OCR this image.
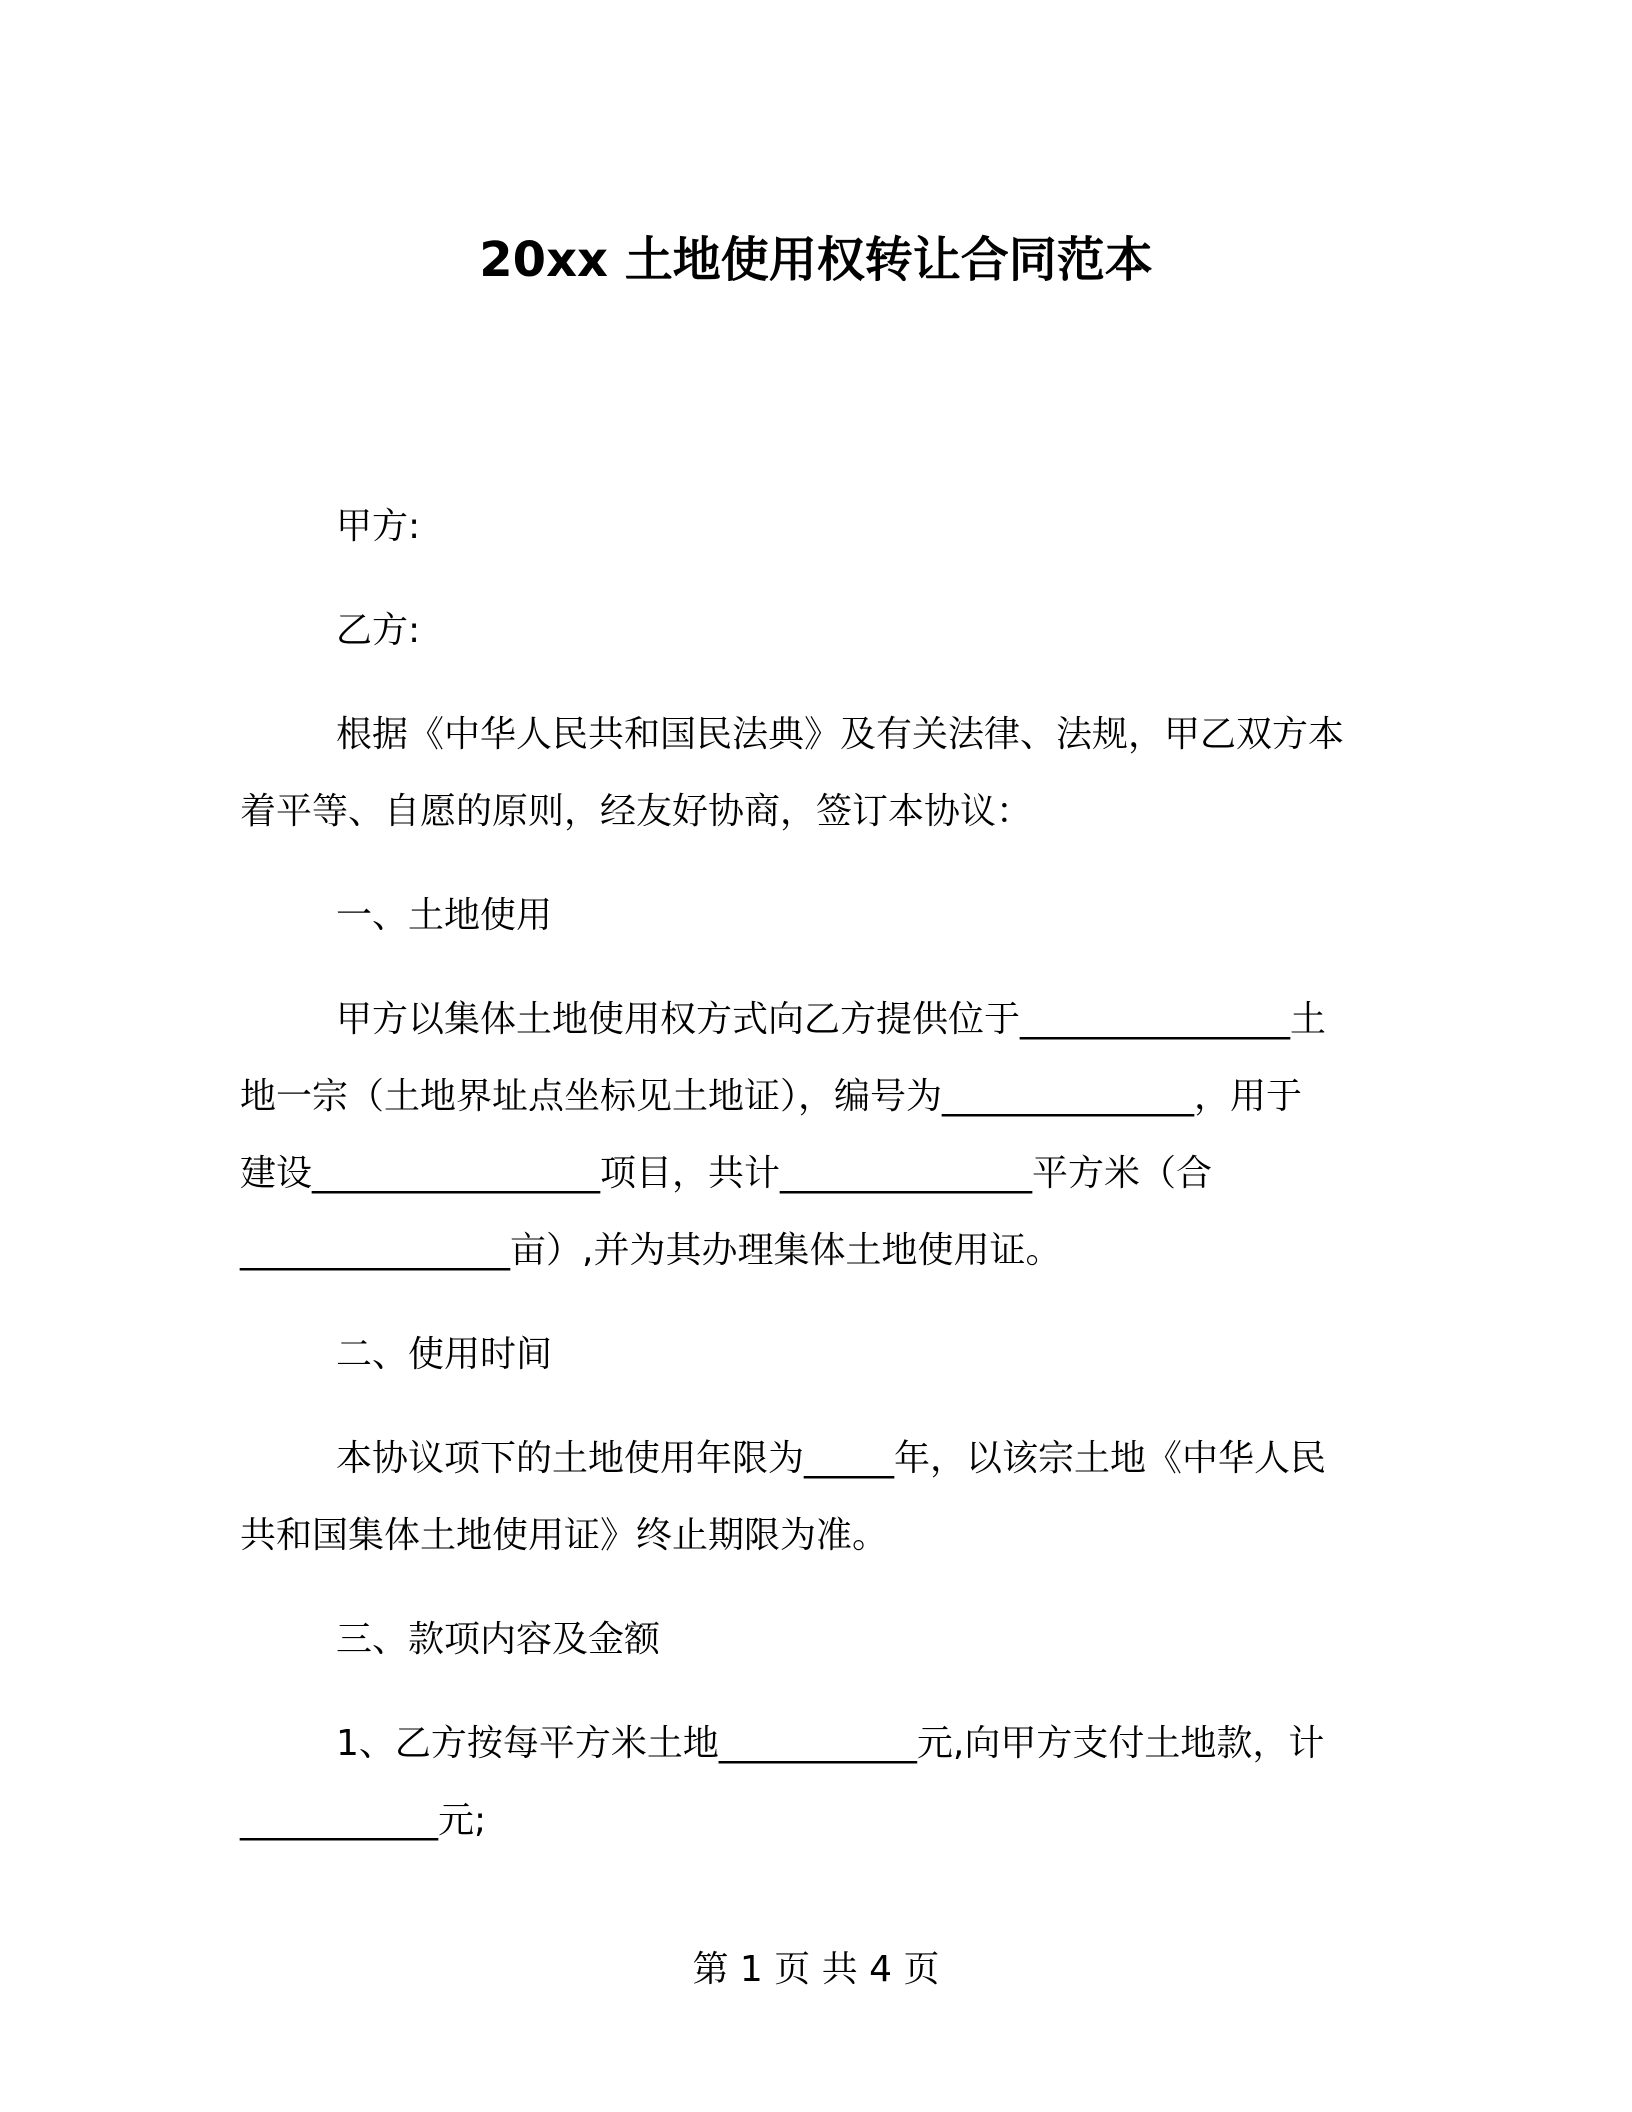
20xx 土地使用权转让合同范本

甲方:

乙方:

根据《中华人民共和国民法典》及有关法律、法规，甲乙双方本
着平等、自愿的原则，经友好协商，签订本协议：

一、土地使用

甲方以集体土地使用权方式向乙方提供位于_______________土
地一宗（土地界址点坐标见土地证），编号为______________，用于
建设________________项目，共计______________平方米（合
_______________亩）,并为其办理集体土地使用证。

二、使用时间

本协议项下的土地使用年限为_____年，以该宗土地《中华人民
共和国集体土地使用证》终止期限为准。

三、款项内容及金额

1、乙方按每平方米土地___________元,向甲方支付土地款，计
___________元;

第 1 页 共 4 页
